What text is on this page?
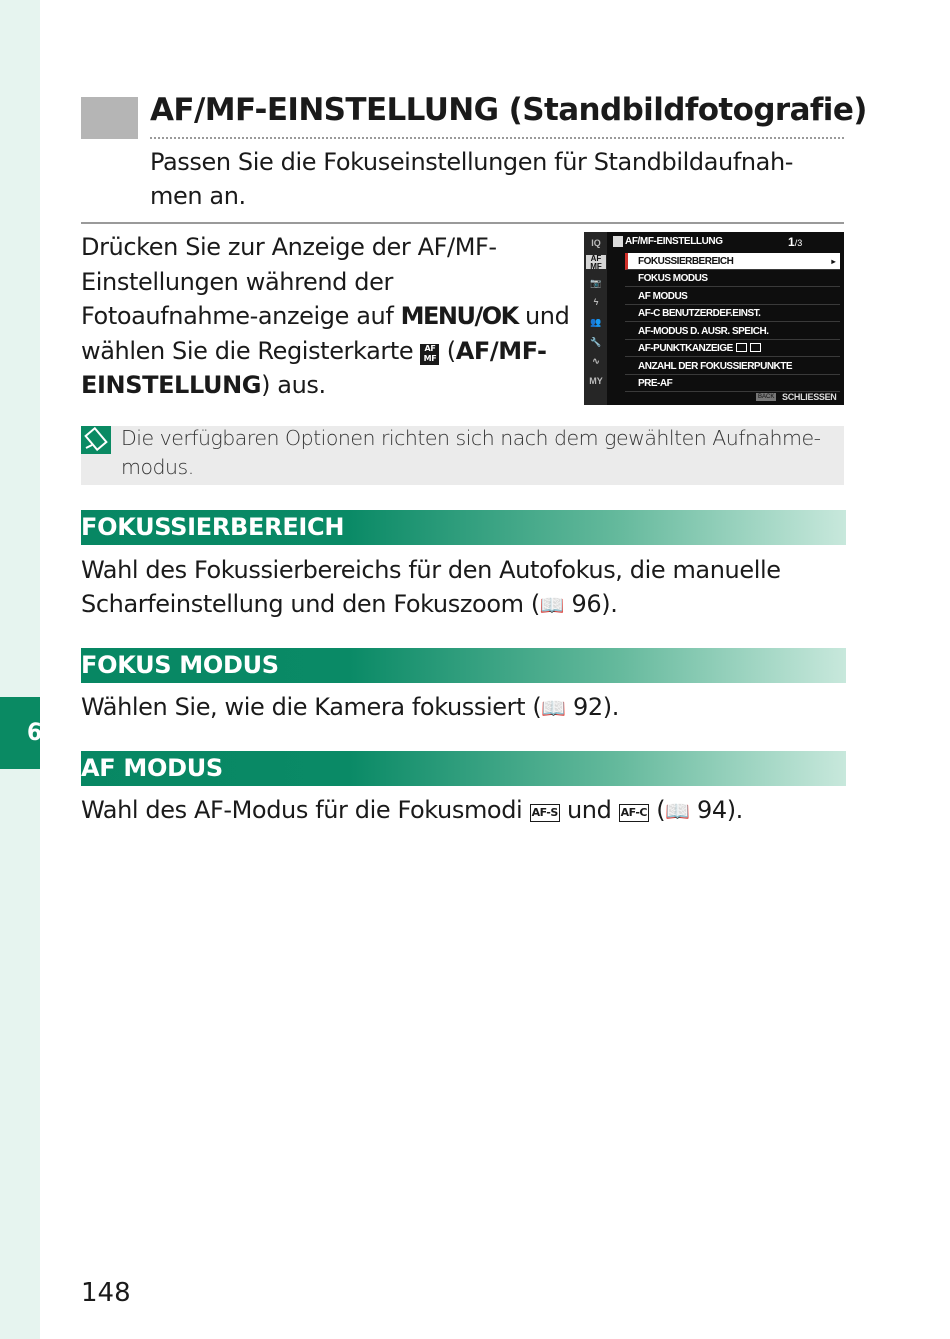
6
AF/MF-EINSTELLUNG (Standbildfotografie)
Passen Sie die Fokuseinstellungen für Standbildaufnah-men an.
Drücken Sie zur Anzeige der AF/MF-Einstellungen während der Fotoaufnahme-anzeige auf MENU/OK und wählen Sie die Registerkarte AF MF (AF/MF-EINSTELLUNG) aus.
IQ
AF MF
📷
ϟ
👥
🔧
∿
MY
AF/MF-EINSTELLUNG	1/3
FOKUSSIERBEREICH	▸
FOKUS MODUS
AF MODUS
AF-C BENUTZERDEF.EINST.
AF-MODUS D. AUSR. SPEICH.
AF-PUNKTKANZEIGE
ANZAHL DER FOKUSSIERPUNKTE
PRE-AF
BACK SCHLIESSEN
Die verfügbaren Optionen richten sich nach dem gewählten Aufnahme-modus.
FOKUSSIERBEREICH
Wahl des Fokussierbereichs für den Autofokus, die manuelle Scharfeinstellung und den Fokuszoom (📖 96).
FOKUS MODUS
Wählen Sie, wie die Kamera fokussiert (📖 92).
AF MODUS
Wahl des AF-Modus für die Fokusmodi AF-S und AF-C (📖 94).
148
